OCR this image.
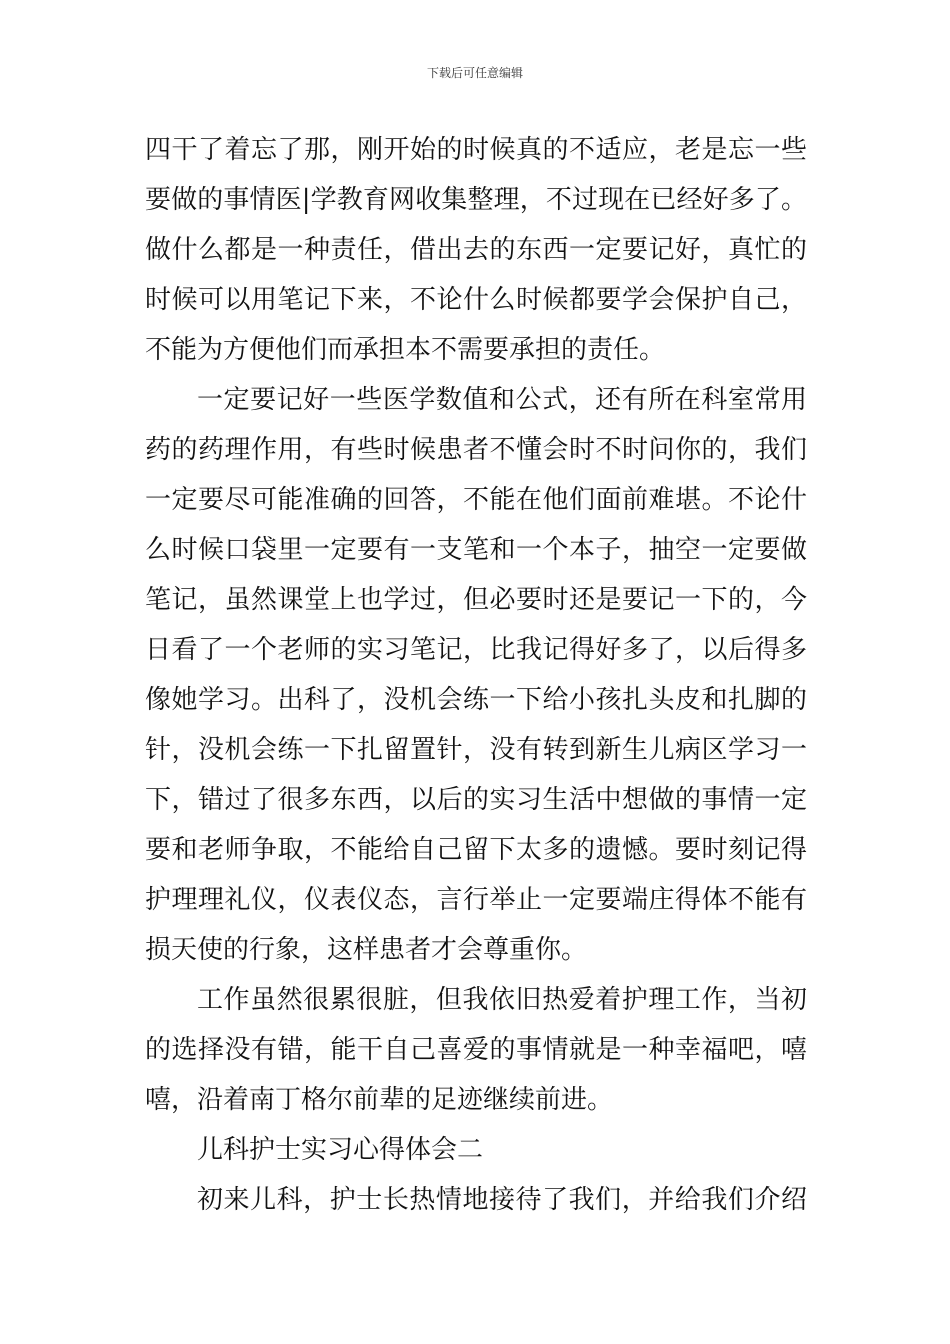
下载后可任意编辑
四干了着忘了那，刚开始的时候真的不适应，老是忘一些
要做的事情医|学教育网收集整理，不过现在已经好多了。
做什么都是一种责任，借出去的东西一定要记好，真忙的
时候可以用笔记下来，不论什么时候都要学会保护自己，
不能为方便他们而承担本不需要承担的责任。
一定要记好一些医学数值和公式，还有所在科室常用
药的药理作用，有些时候患者不懂会时不时问你的，我们
一定要尽可能准确的回答，不能在他们面前难堪。不论什
么时候口袋里一定要有一支笔和一个本子，抽空一定要做
笔记，虽然课堂上也学过，但必要时还是要记一下的，今
日看了一个老师的实习笔记，比我记得好多了，以后得多
像她学习。出科了，没机会练一下给小孩扎头皮和扎脚的
针，没机会练一下扎留置针，没有转到新生儿病区学习一
下，错过了很多东西，以后的实习生活中想做的事情一定
要和老师争取，不能给自己留下太多的遗憾。要时刻记得
护理理礼仪，仪表仪态，言行举止一定要端庄得体不能有
损天使的行象，这样患者才会尊重你。
工作虽然很累很脏，但我依旧热爱着护理工作，当初
的选择没有错，能干自己喜爱的事情就是一种幸福吧，嘻
嘻，沿着南丁格尔前辈的足迹继续前进。
儿科护士实习心得体会二
初来儿科，护士长热情地接待了我们，并给我们介绍
